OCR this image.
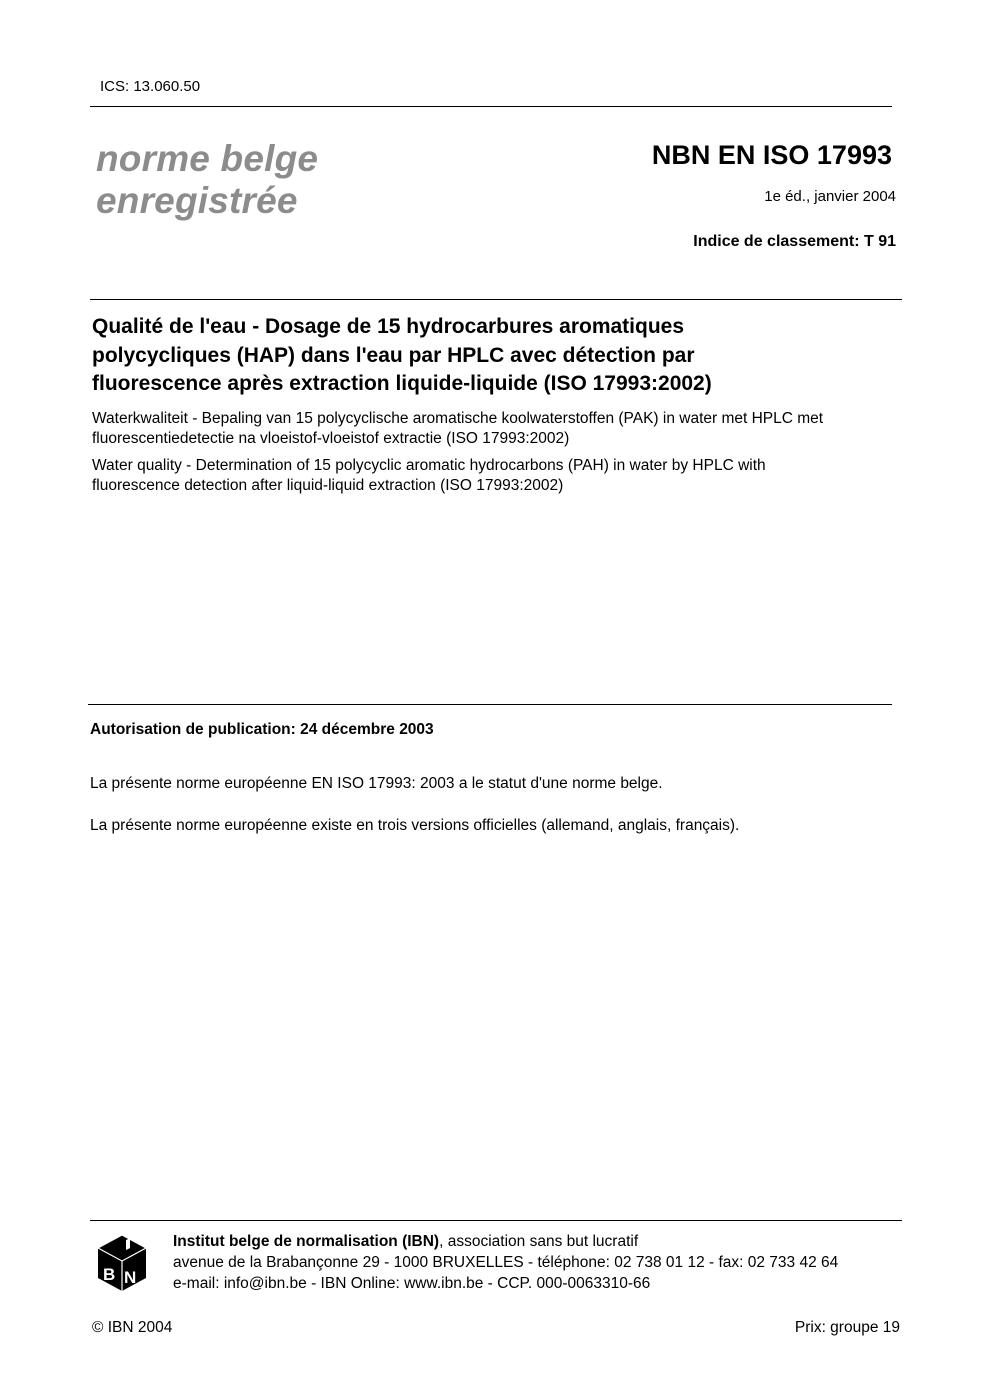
ICS: 13.060.50
norme belge
enregistrée
NBN EN ISO 17993
1e éd., janvier 2004
Indice de classement: T 91
Qualité de l'eau - Dosage de 15 hydrocarbures aromatiques
polycycliques (HAP) dans l'eau par HPLC avec détection par
fluorescence après extraction liquide-liquide (ISO 17993:2002)
Waterkwaliteit - Bepaling van 15 polycyclische aromatische koolwaterstoffen (PAK) in water met HPLC met
fluorescentiedetectie na vloeistof-vloeistof extractie (ISO 17993:2002)
Water quality - Determination of 15 polycyclic aromatic hydrocarbons (PAH) in water by HPLC with
fluorescence detection after liquid-liquid extraction (ISO 17993:2002)
Autorisation de publication: 24 décembre 2003
La présente norme européenne EN ISO 17993: 2003 a le statut d'une norme belge.
La présente norme européenne existe en trois versions officielles (allemand, anglais, français).
B N
Institut belge de normalisation (IBN), association sans but lucratif
avenue de la Brabançonne 29 - 1000 BRUXELLES - téléphone: 02 738 01 12 - fax: 02 733 42 64
e-mail: info@ibn.be - IBN Online: www.ibn.be - CCP. 000-0063310-66
© IBN 2004	Prix: groupe 19
